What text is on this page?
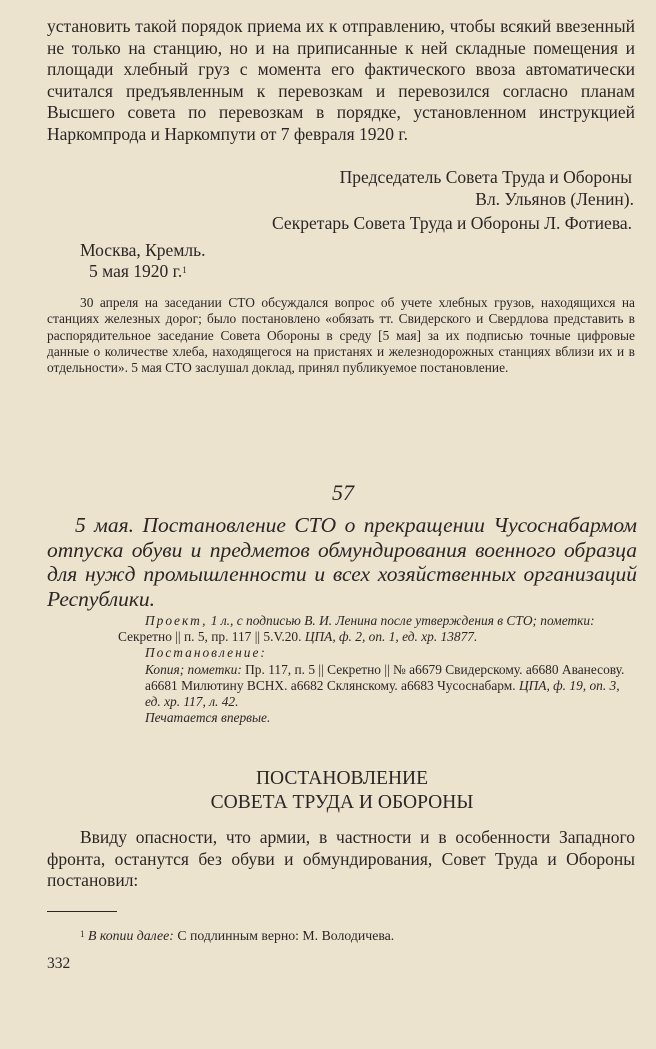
установить такой порядок приема их к отправлению, чтобы всякий ввезенный не только на станцию, но и на приписанные к ней складные помещения и площади хлебный груз с момента его фактического ввоза автоматически считался предъявленным к перевозкам и перевозился согласно планам Высшего совета по перевозкам в порядке, установленном инструкцией Наркомпрода и Наркомпути от 7 февраля 1920 г.

Председатель Совета Труда и Обороны
Вл. Ульянов (Ленин).
Секретарь Совета Труда и Обороны Л. Фотиева.
Москва, Кремль.
5 мая 1920 г.$^1$

30 апреля на заседании СТО обсуждался вопрос об учете хлебных грузов, находящихся на станциях железных дорог; было постановлено «обязать тт. Свидерского и Свердлова представить в распорядительное заседание Совета Обороны в среду [5 мая] за их подписью точные цифровые данные о количестве хлеба, находящегося на пристанях и железнодорожных станциях вблизи их и в отдельности». 5 мая СТО заслушал доклад, принял публикуемое постановление.

57

5 мая. Постановление СТО о прекращении Чусоснабармом отпуска обуви и предметов обмундирования военного образца для нужд промышленности и всех хозяйственных организаций Республики.

Проект, 1 л., с подписью В. И. Ленина после утверждения в СТО; пометки:

Секретно || п. 5, пр. 117 || 5.V.20. ЦПА, ф. 2, оп. 1, ед. хр. 13877.

Постановление:

Копия; пометки: Пр. 117, п. 5 || Секретно || № а6679 Свидерскому. а6680 Аванесову. а6681 Милютину ВСНХ. а6682 Склянскому. а6683 Чусоснабарм. ЦПА, ф. 19, оп. 3, ед. хр. 117, л. 42.

Печатается впервые.

ПОСТАНОВЛЕНИЕ
СОВЕТА ТРУДА И ОБОРОНЫ

Ввиду опасности, что армии, в частности и в особенности Западного фронта, останутся без обуви и обмундирования, Совет Труда и Обороны постановил:

$^1$ В копии далее: С подлинным верно: М. Володичева.
332
